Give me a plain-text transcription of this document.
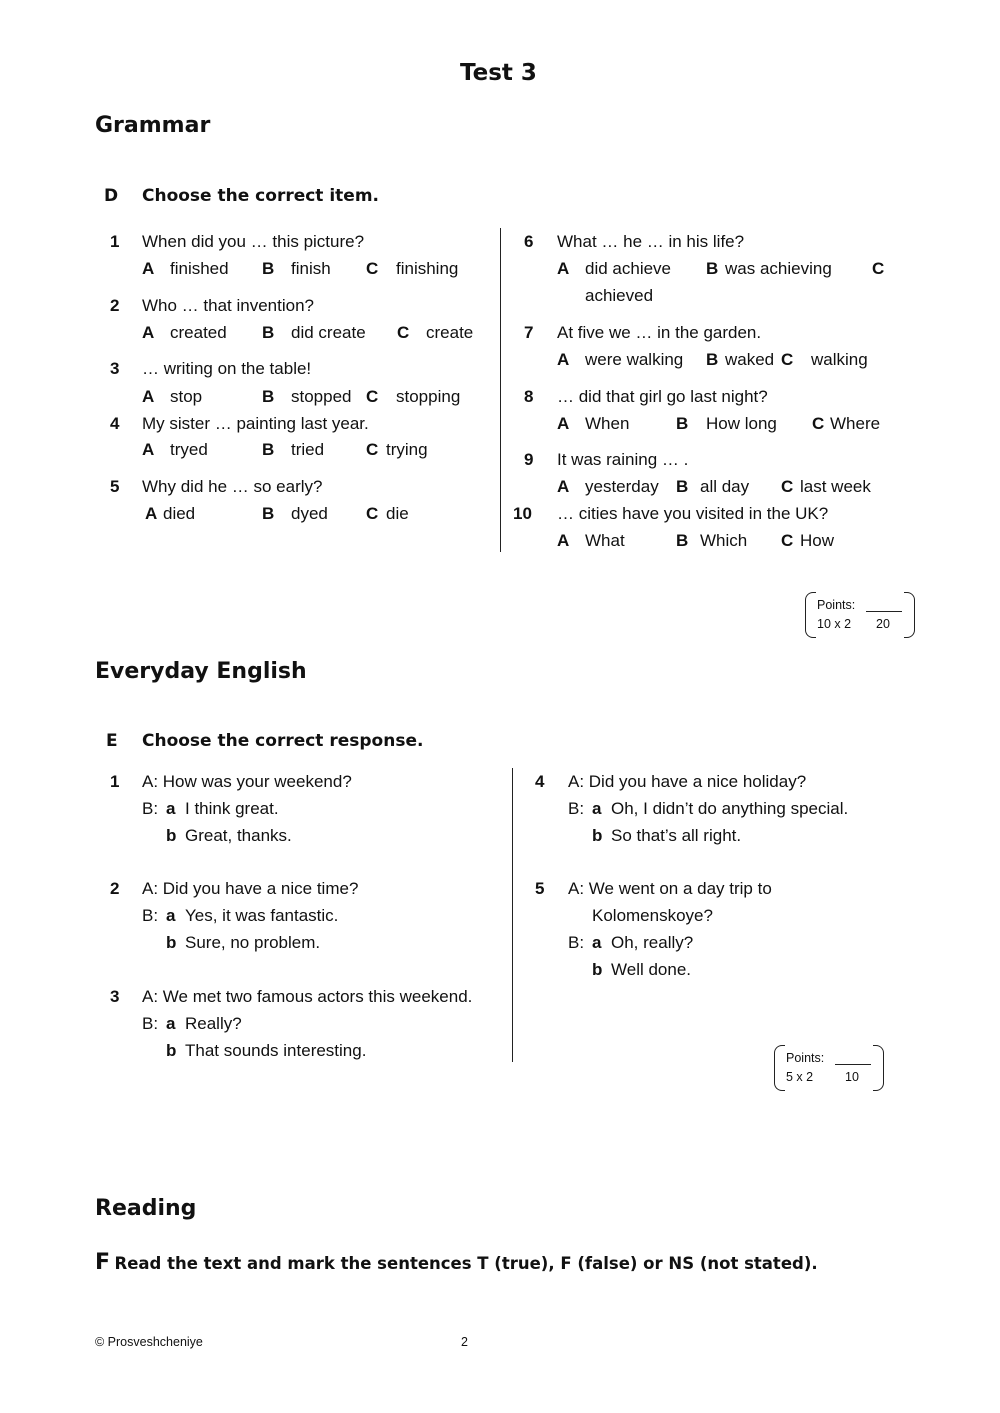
Test 3
Grammar
D Choose the correct item.
1 When did you … this picture?
A finished B finish C finishing
2 Who … that invention?
A created B did create C create
3 … writing on the table!
A stop	B stopped C stopping
4 My sister … painting last year.
A tryed	B tried C trying
5 Why did he … so early?
A died	B dyed C die
6 What … he … in his life?
A did achieve B was achieving C
achieved
7 At five we … in the garden.
A were walking B waked C walking
8 … did that girl go last night?
A When	B How long C Where
9 It was raining … .
A yesterday B all day C last week
10 … cities have you visited in the UK?
A What	B Which C How
Points:
10 x 2 20
Everyday English
E Choose the correct response.
1 A: How was your weekend?
B: a I think great.
b Great, thanks.
2 A: Did you have a nice time?
B: a Yes, it was fantastic.
b Sure, no problem.
3 A: We met two famous actors this weekend.
B: a Really?
b That sounds interesting.
4 A: Did you have a nice holiday?
B: a Oh, I didn’t do anything special.
b So that’s all right.
5 A: We went on a day trip to
Kolomenskoye?
B: a Oh, really?
b Well done.
Points:
5 x 2	10
Reading
F Read the text and mark the sentences T (true), F (false) or NS (not stated).
© Prosveshcheniye	2
